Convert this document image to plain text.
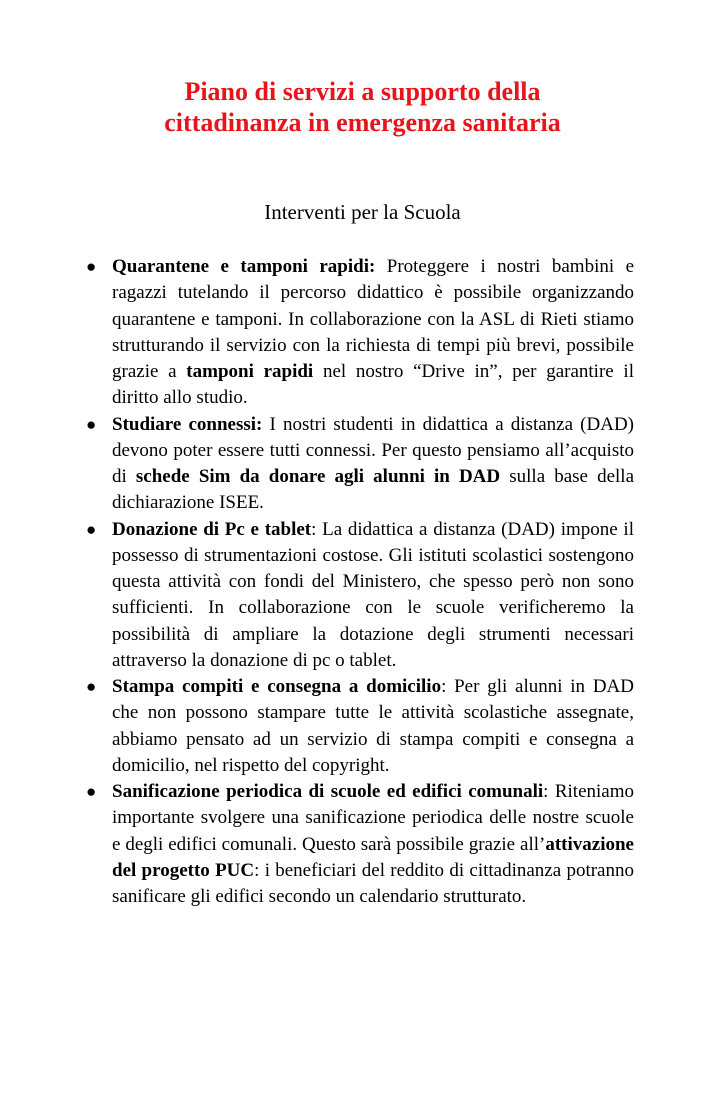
Piano di servizi a supporto della
cittadinanza in emergenza sanitaria
Interventi per la Scuola
● Quarantene e tamponi rapidi: Proteggere i nostri bambini e ragazzi tutelando il percorso didattico è possibile organizzando quarantene e tamponi. In collaborazione con la ASL di Rieti stiamo strutturando il servizio con la richiesta di tempi più brevi, possibile grazie a tamponi rapidi nel nostro “Drive in”, per garantire il diritto allo studio.
● Studiare connessi: I nostri studenti in didattica a distanza (DAD) devono poter essere tutti connessi. Per questo pensiamo all’acquisto di schede Sim da donare agli alunni in DAD sulla base della dichiarazione ISEE.
● Donazione di Pc e tablet: La didattica a distanza (DAD) impone il possesso di strumentazioni costose. Gli istituti scolastici sostengono questa attività con fondi del Ministero, che spesso però non sono sufficienti. In collaborazione con le scuole verificheremo la possibilità di ampliare la dotazione degli strumenti necessari attraverso la donazione di pc o tablet.
● Stampa compiti e consegna a domicilio: Per gli alunni in DAD che non possono stampare tutte le attività scolastiche assegnate, abbiamo pensato ad un servizio di stampa compiti e consegna a domicilio, nel rispetto del copyright.
● Sanificazione periodica di scuole ed edifici comunali: Riteniamo importante svolgere una sanificazione periodica delle nostre scuole e degli edifici comunali. Questo sarà possibile grazie all’attivazione del progetto PUC: i beneficiari del reddito di cittadinanza potranno sanificare gli edifici secondo un calendario strutturato.
